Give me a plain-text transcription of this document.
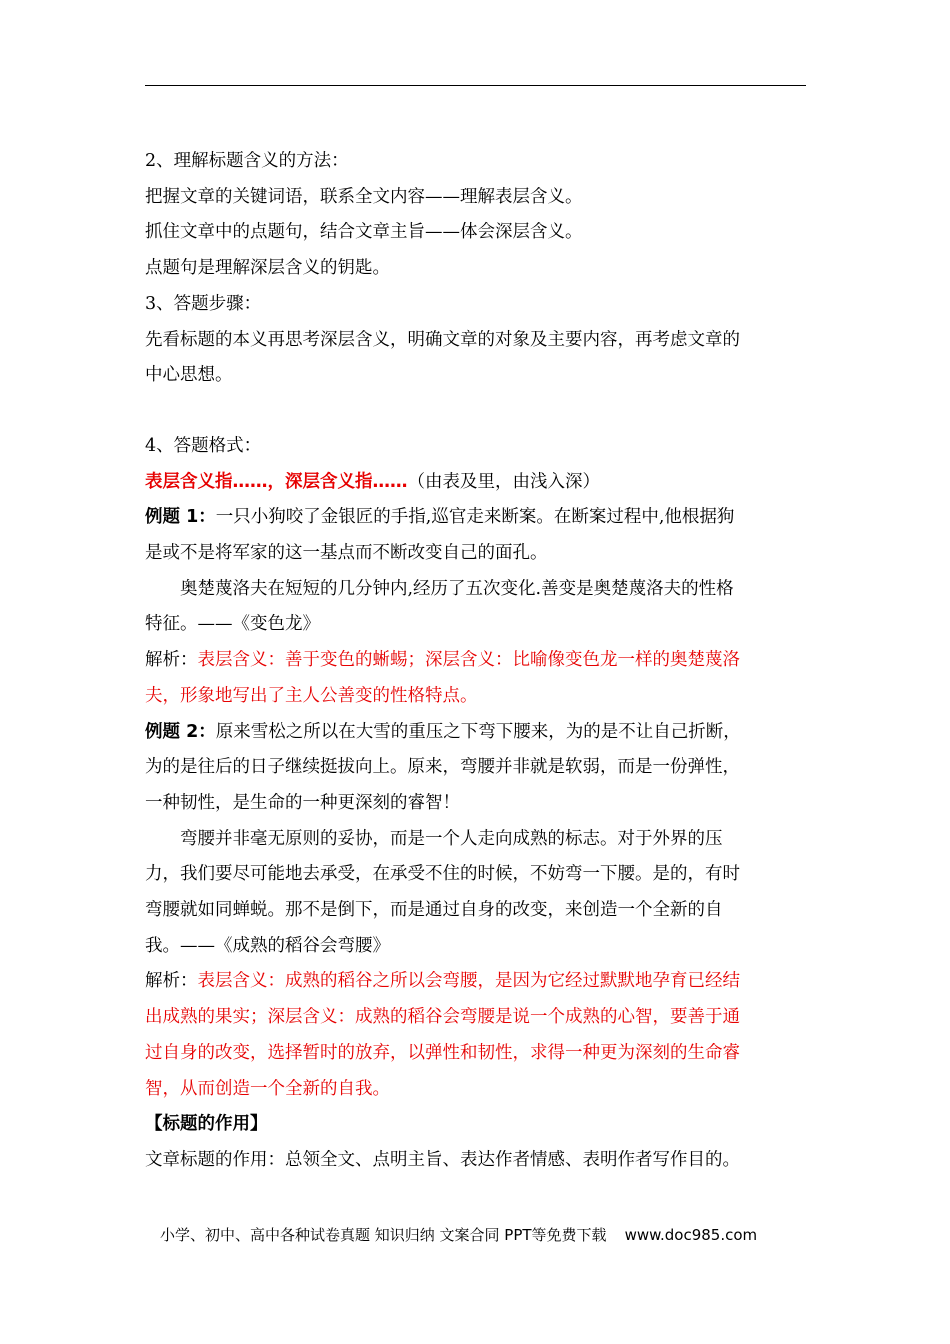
2、理解标题含义的方法：
把握文章的关键词语，联系全文内容——理解表层含义。
抓住文章中的点题句，结合文章主旨——体会深层含义。
点题句是理解深层含义的钥匙。
3、答题步骤：
先看标题的本义再思考深层含义，明确文章的对象及主要内容，再考虑文章的
中心思想。
4、答题格式：
表层含义指……，深层含义指……（由表及里，由浅入深）
例题 1：一只小狗咬了金银匠的手指,巡官走来断案。在断案过程中,他根据狗
是或不是将军家的这一基点而不断改变自己的面孔。
奥楚蔑洛夫在短短的几分钟内,经历了五次变化.善变是奥楚蔑洛夫的性格
特征。——《变色龙》
解析：表层含义：善于变色的蜥蜴；深层含义：比喻像变色龙一样的奥楚蔑洛
夫，形象地写出了主人公善变的性格特点。
例题 2：原来雪松之所以在大雪的重压之下弯下腰来，为的是不让自己折断，
为的是往后的日子继续挺拔向上。原来，弯腰并非就是软弱，而是一份弹性，
一种韧性，是生命的一种更深刻的睿智！
弯腰并非毫无原则的妥协，而是一个人走向成熟的标志。对于外界的压
力，我们要尽可能地去承受，在承受不住的时候，不妨弯一下腰。是的，有时
弯腰就如同蝉蜕。那不是倒下，而是通过自身的改变，来创造一个全新的自
我。——《成熟的稻谷会弯腰》
解析：表层含义：成熟的稻谷之所以会弯腰，是因为它经过默默地孕育已经结
出成熟的果实；深层含义：成熟的稻谷会弯腰是说一个成熟的心智，要善于通
过自身的改变，选择暂时的放弃，以弹性和韧性，求得一种更为深刻的生命睿
智，从而创造一个全新的自我。
【标题的作用】
文章标题的作用：总领全文、点明主旨、表达作者情感、表明作者写作目的。
小学、初中、高中各种试卷真题 知识归纳 文案合同 PPT等免费下载 www.doc985.com
